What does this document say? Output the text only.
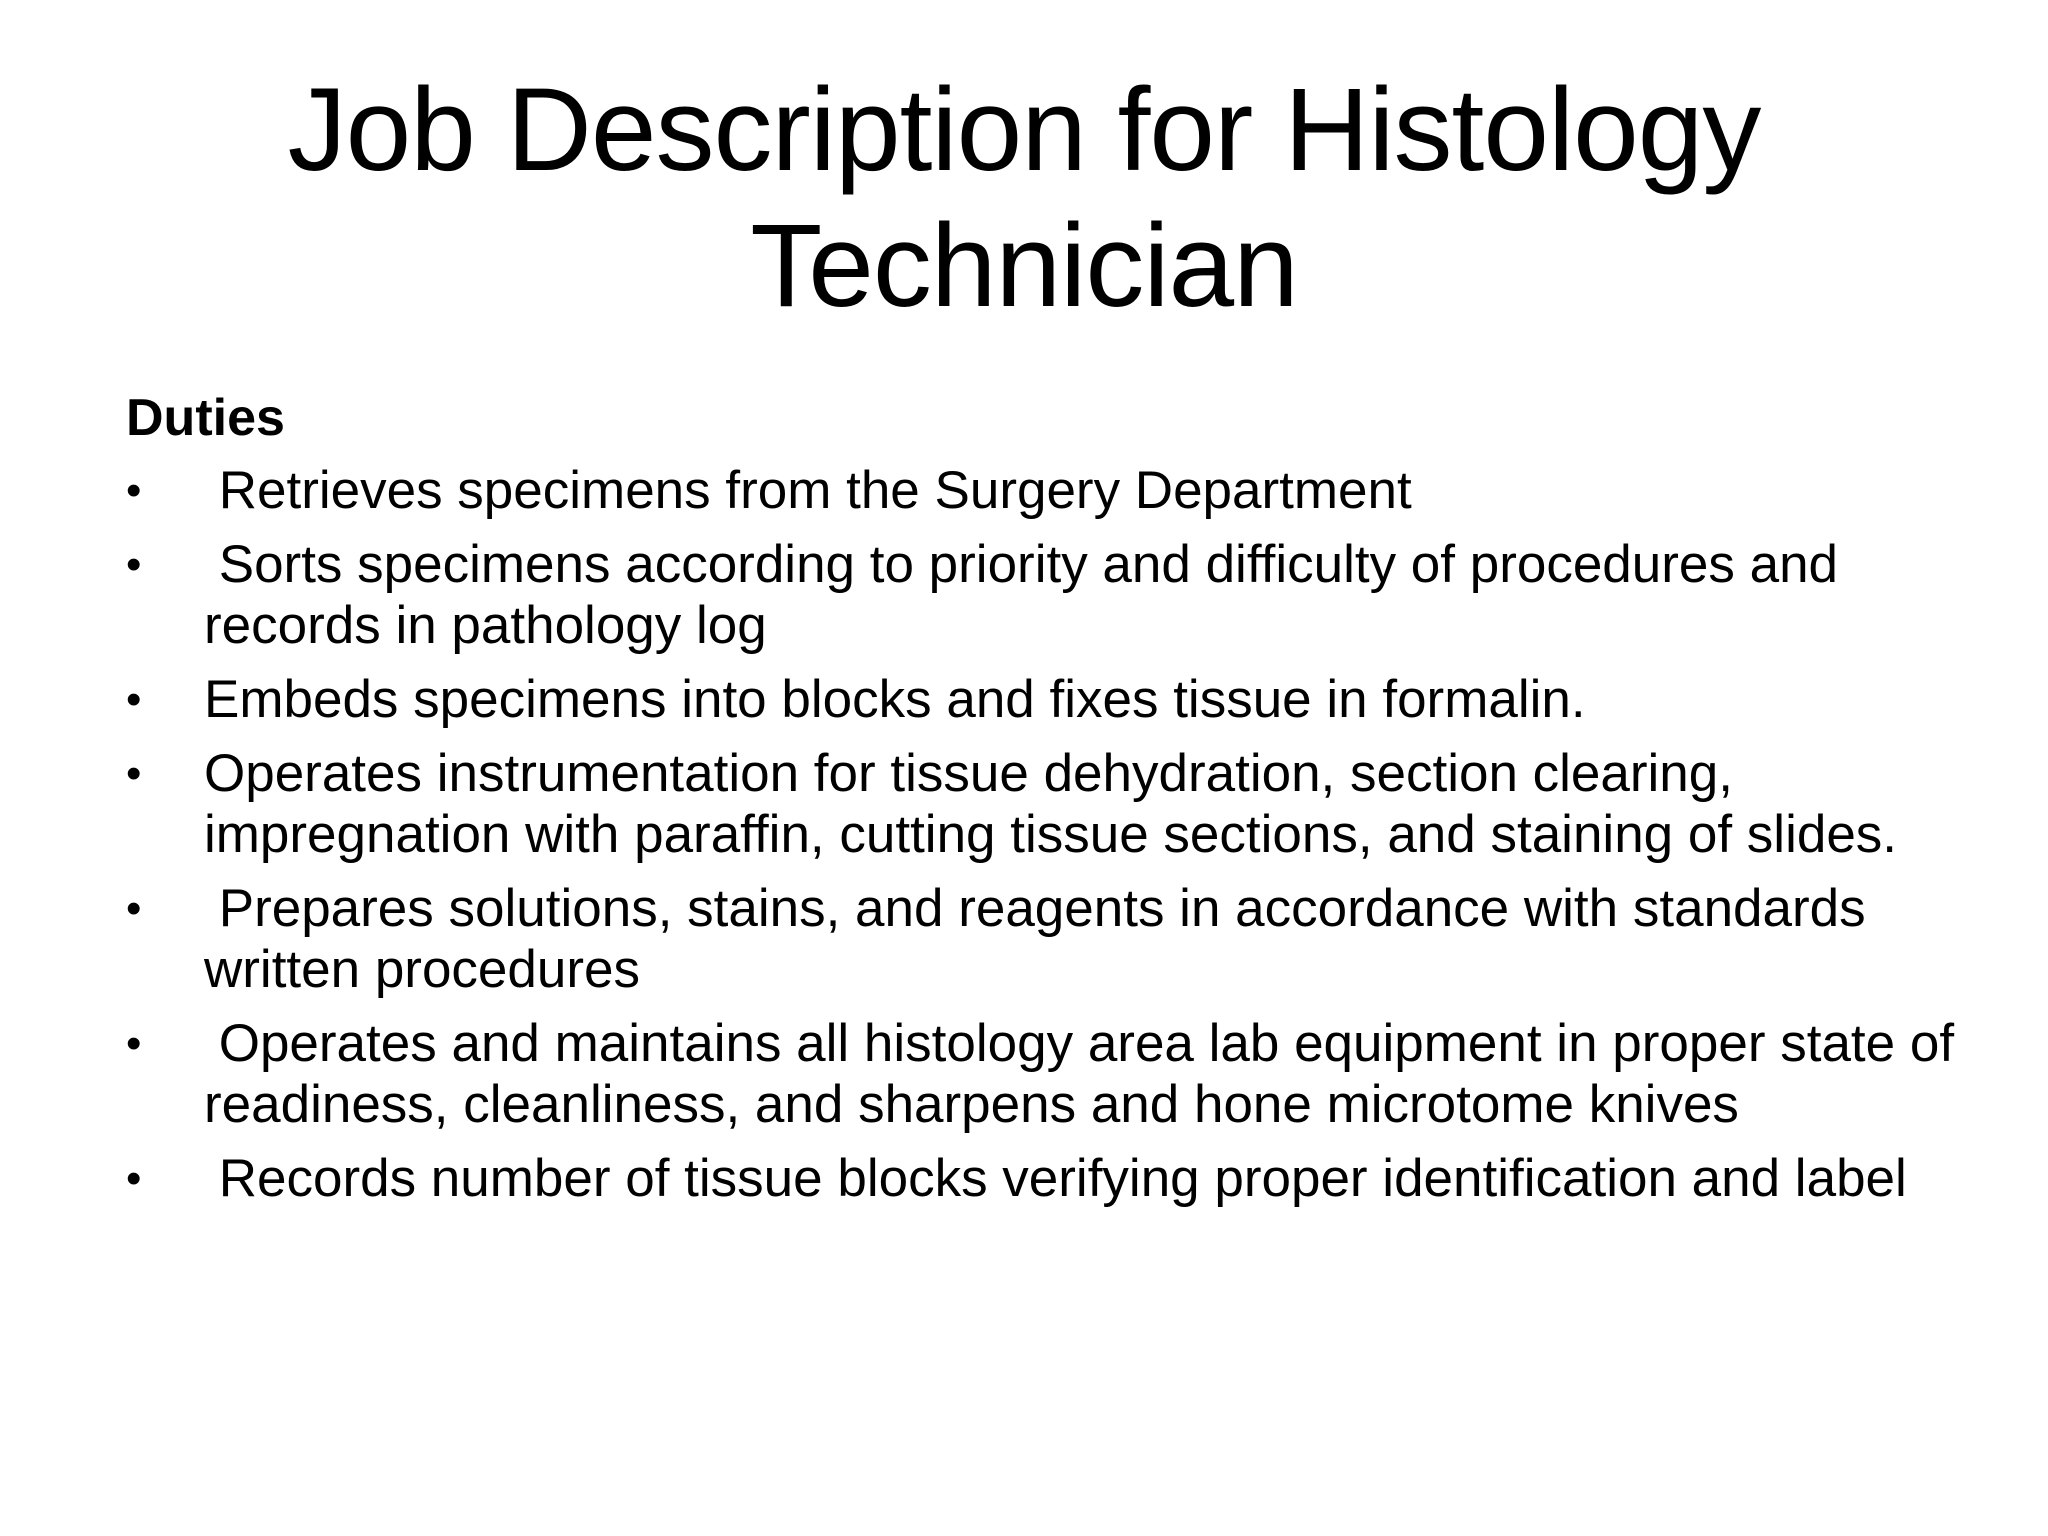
Job Description for Histology Technician
Duties
•	Retrieves specimens from the Surgery Department
•	Sorts specimens according to priority and difficulty of procedures and records in pathology log
•	Embeds specimens into blocks and fixes tissue in formalin.
•	Operates instrumentation for tissue dehydration, section clearing, impregnation with paraffin, cutting tissue sections, and staining of slides.
•	Prepares solutions, stains, and reagents in accordance with standards written procedures
•	Operates and maintains all histology area lab equipment in proper state of readiness, cleanliness, and sharpens and hone microtome knives
•	Records number of tissue blocks verifying proper identification and label
